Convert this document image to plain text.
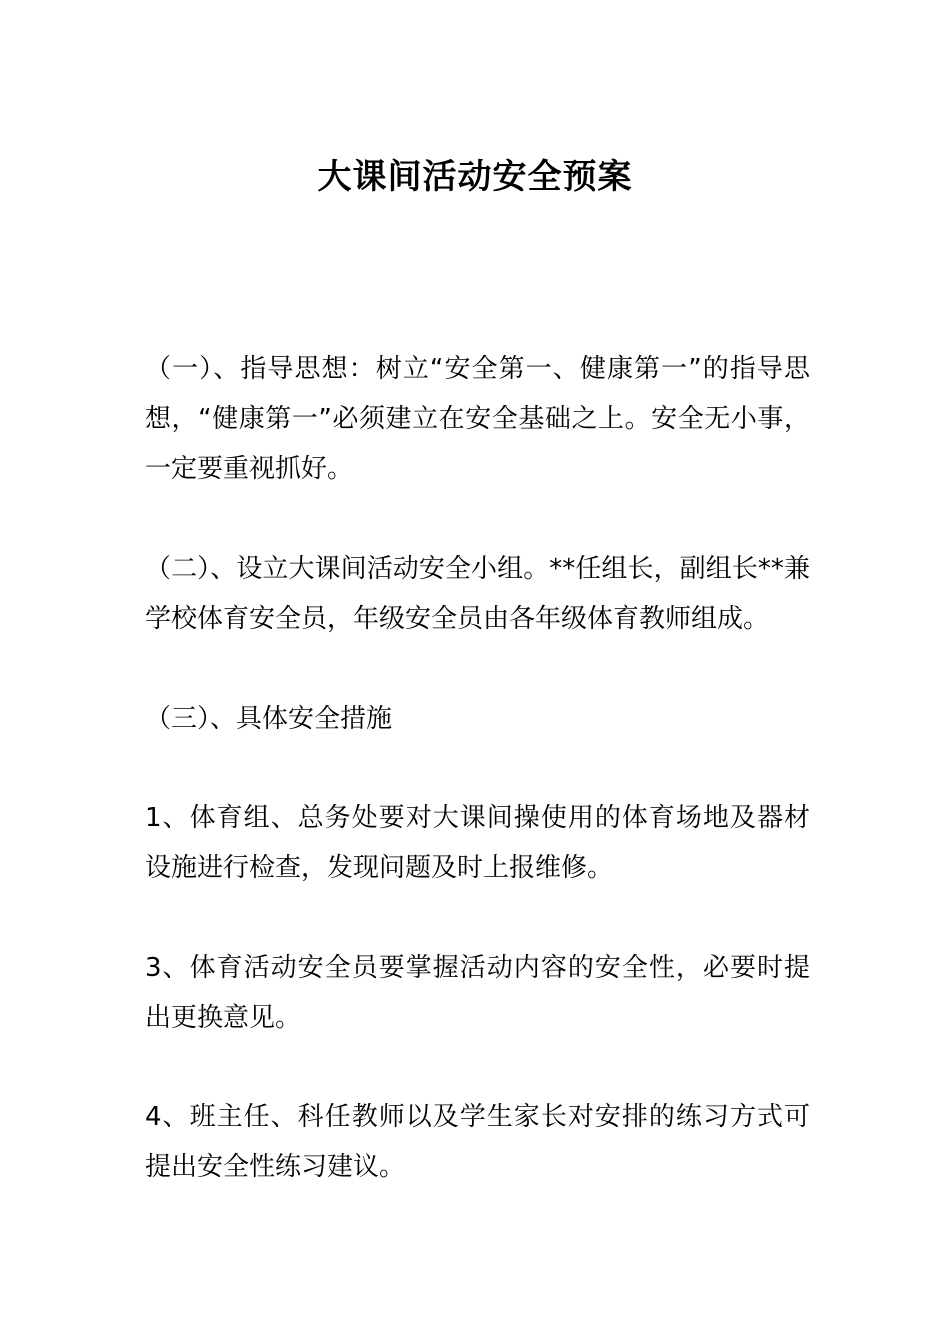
大课间活动安全预案

（一）、指导思想：树立“安全第一、健康第一”的指导思想，“健康第一”必须建立在安全基础之上。安全无小事，一定要重视抓好。

（二）、设立大课间活动安全小组。**任组长，副组长**兼学校体育安全员，年级安全员由各年级体育教师组成。

（三）、具体安全措施

1、体育组、总务处要对大课间操使用的体育场地及器材设施进行检查，发现问题及时上报维修。

3、体育活动安全员要掌握活动内容的安全性，必要时提出更换意见。

4、班主任、科任教师以及学生家长对安排的练习方式可提出安全性练习建议。
